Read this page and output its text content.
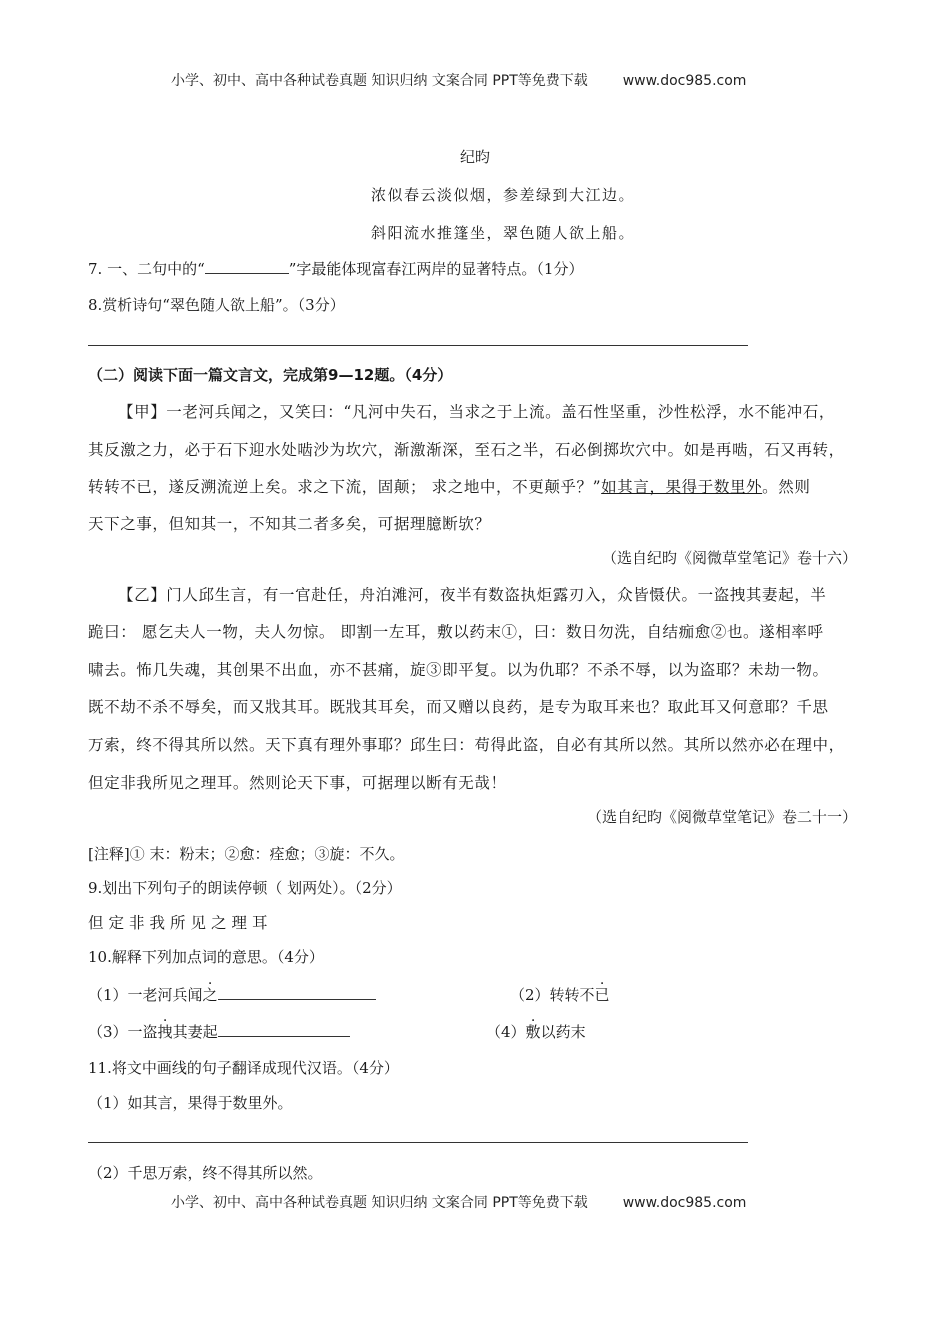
小学、初中、高中各种试卷真题 知识归纳 文案合同 PPT等免费下载 www.doc985.com
纪昀
浓似春云淡似烟，参差绿到大江边。
斜阳流水推篷坐，翠色随人欲上船。
7. 一、二句中的“	”字最能体现富春江两岸的显著特点。（1分）
8.赏析诗句“翠色随人欲上船”。（3分）
（二）阅读下面一篇文言文，完成第9—12题。（4分）
【甲】一老河兵闻之，又笑曰：“凡河中失石，当求之于上流。盖石性坚重，沙性松浮，水不能冲石，
其反激之力，必于石下迎水处啮沙为坎穴，渐激渐深，至石之半，石必倒掷坎穴中。如是再啮，石又再转，
转转不已，遂反溯流逆上矣。求之下流，固颠； 求之地中，不更颠乎？”如其言，果得于数里外。然则
天下之事，但知其一，不知其二者多矣，可据理臆断欤？
（选自纪昀《阅微草堂笔记》卷十六）
【乙】门人邱生言，有一官赴任，舟泊滩河，夜半有数盗执炬露刃入，众皆慑伏。一盗拽其妻起，半
跪曰： 愿乞夫人一物，夫人勿惊。 即割一左耳，敷以药末①，曰：数日勿洗，自结痂愈②也。遂相率呼
啸去。怖几失魂，其创果不出血，亦不甚痛，旋③即平复。以为仇耶？不杀不辱，以为盗耶？未劫一物。
既不劫不杀不辱矣，而又戕其耳。既戕其耳矣，而又赠以良药，是专为取耳来也？取此耳又何意耶？千思
万索，终不得其所以然。天下真有理外事耶？邱生曰：苟得此盗，自必有其所以然。其所以然亦必在理中，
但定非我所见之理耳。然则论天下事，可据理以断有无哉！
（选自纪昀《阅微草堂笔记》卷二十一）
[注释]① 末：粉末；②愈：痊愈；③旋：不久。
9.划出下列句子的朗读停顿（ 划两处）。（2分）
但定非我所见之理耳
10.解释下列加点词的意思。（4分）
（1）一老河兵闻之	（2）转转不已
（3）一盗拽其妻起	（4）敷以药末
11.将文中画线的句子翻译成现代汉语。（4分）
（1）如其言，果得于数里外。
（2）千思万索，终不得其所以然。
小学、初中、高中各种试卷真题 知识归纳 文案合同 PPT等免费下载 www.doc985.com
